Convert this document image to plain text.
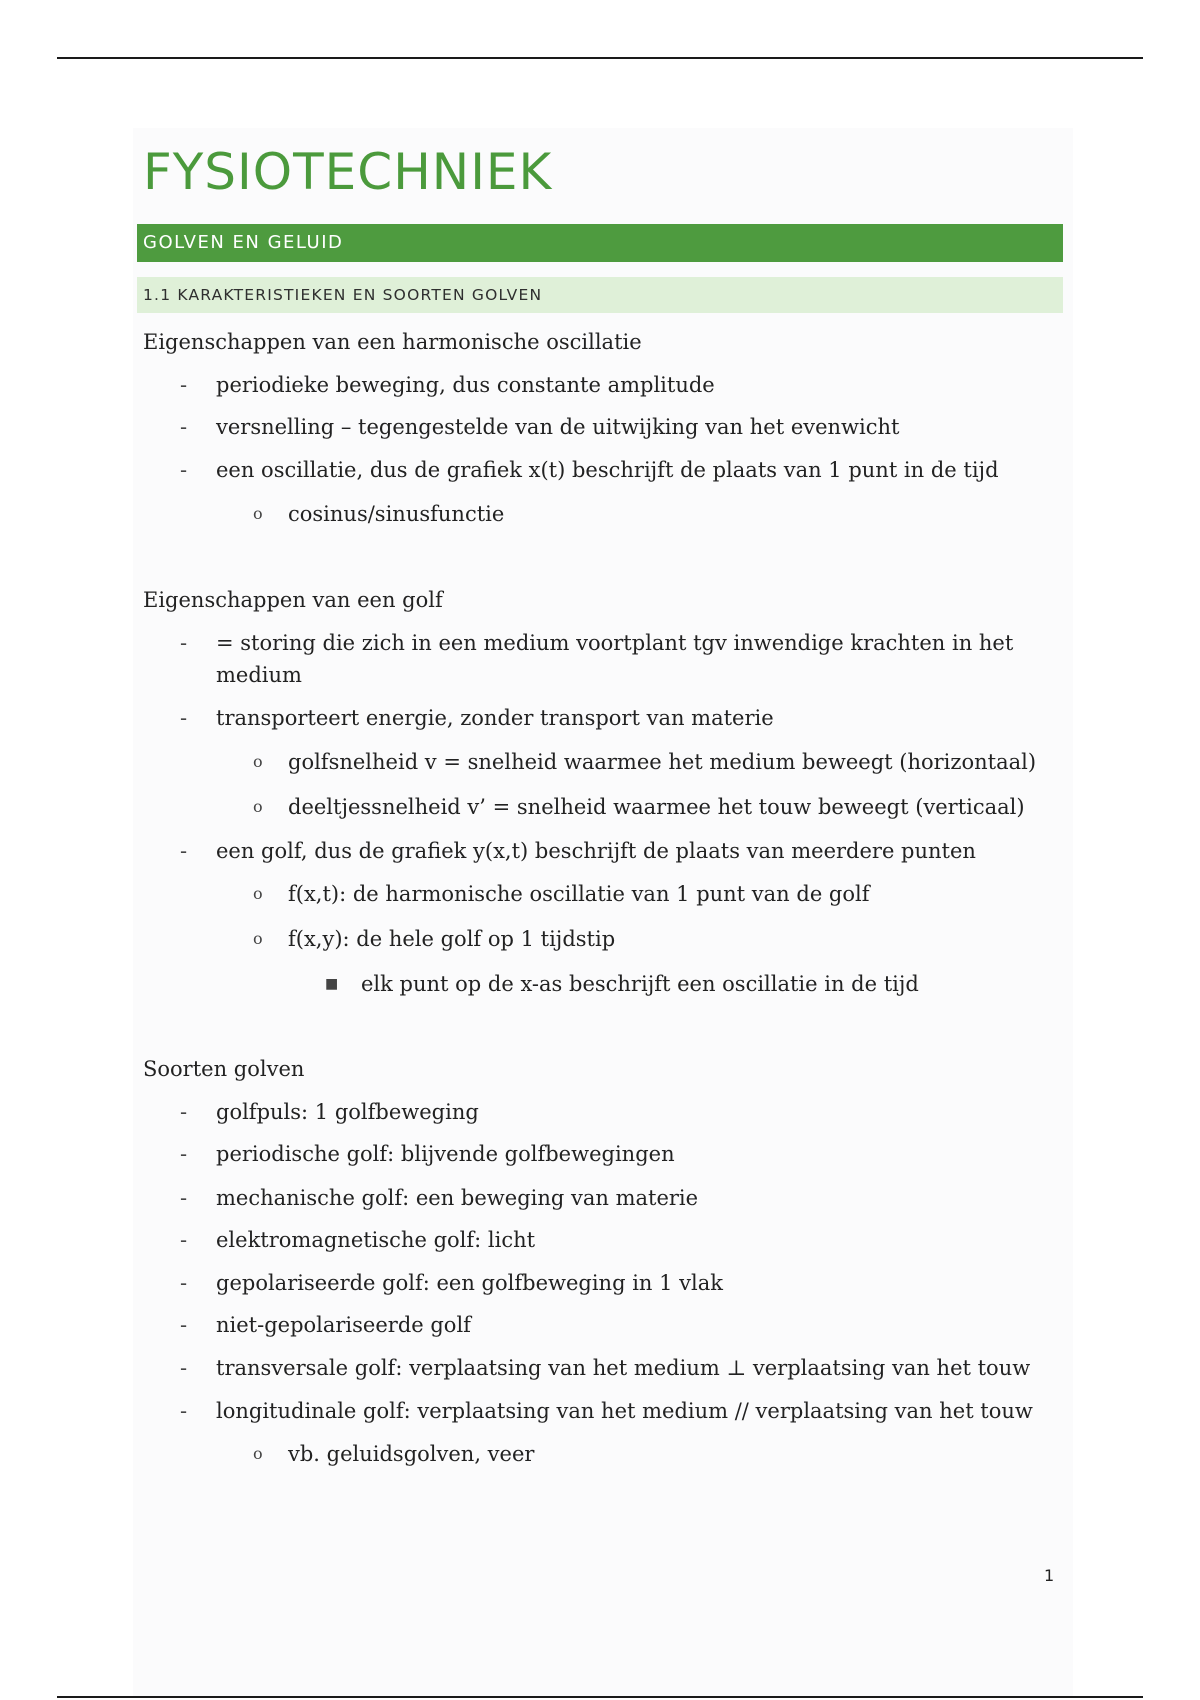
FYSIOTECHNIEK
GOLVEN EN GELUID
1.1 KARAKTERISTIEKEN EN SOORTEN GOLVEN
Eigenschappen van een harmonische oscillatie
- periodieke beweging, dus constante amplitude
- versnelling – tegengestelde van de uitwijking van het evenwicht
- een oscillatie, dus de grafiek x(t) beschrijft de plaats van 1 punt in de tijd
o cosinus/sinusfunctie
Eigenschappen van een golf
- = storing die zich in een medium voortplant tgv inwendige krachten in het
medium
- transporteert energie, zonder transport van materie
o golfsnelheid v = snelheid waarmee het medium beweegt (horizontaal)
o deeltjessnelheid v’ = snelheid waarmee het touw beweegt (verticaal)
- een golf, dus de grafiek y(x,t) beschrijft de plaats van meerdere punten
o f(x,t): de harmonische oscillatie van 1 punt van de golf
o f(x,y): de hele golf op 1 tijdstip
■ elk punt op de x-as beschrijft een oscillatie in de tijd
Soorten golven
- golfpuls: 1 golfbeweging
- periodische golf: blijvende golfbewegingen
- mechanische golf: een beweging van materie
- elektromagnetische golf: licht
- gepolariseerde golf: een golfbeweging in 1 vlak
- niet-gepolariseerde golf
- transversale golf: verplaatsing van het medium ⊥ verplaatsing van het touw
- longitudinale golf: verplaatsing van het medium // verplaatsing van het touw
o vb. geluidsgolven, veer
1
